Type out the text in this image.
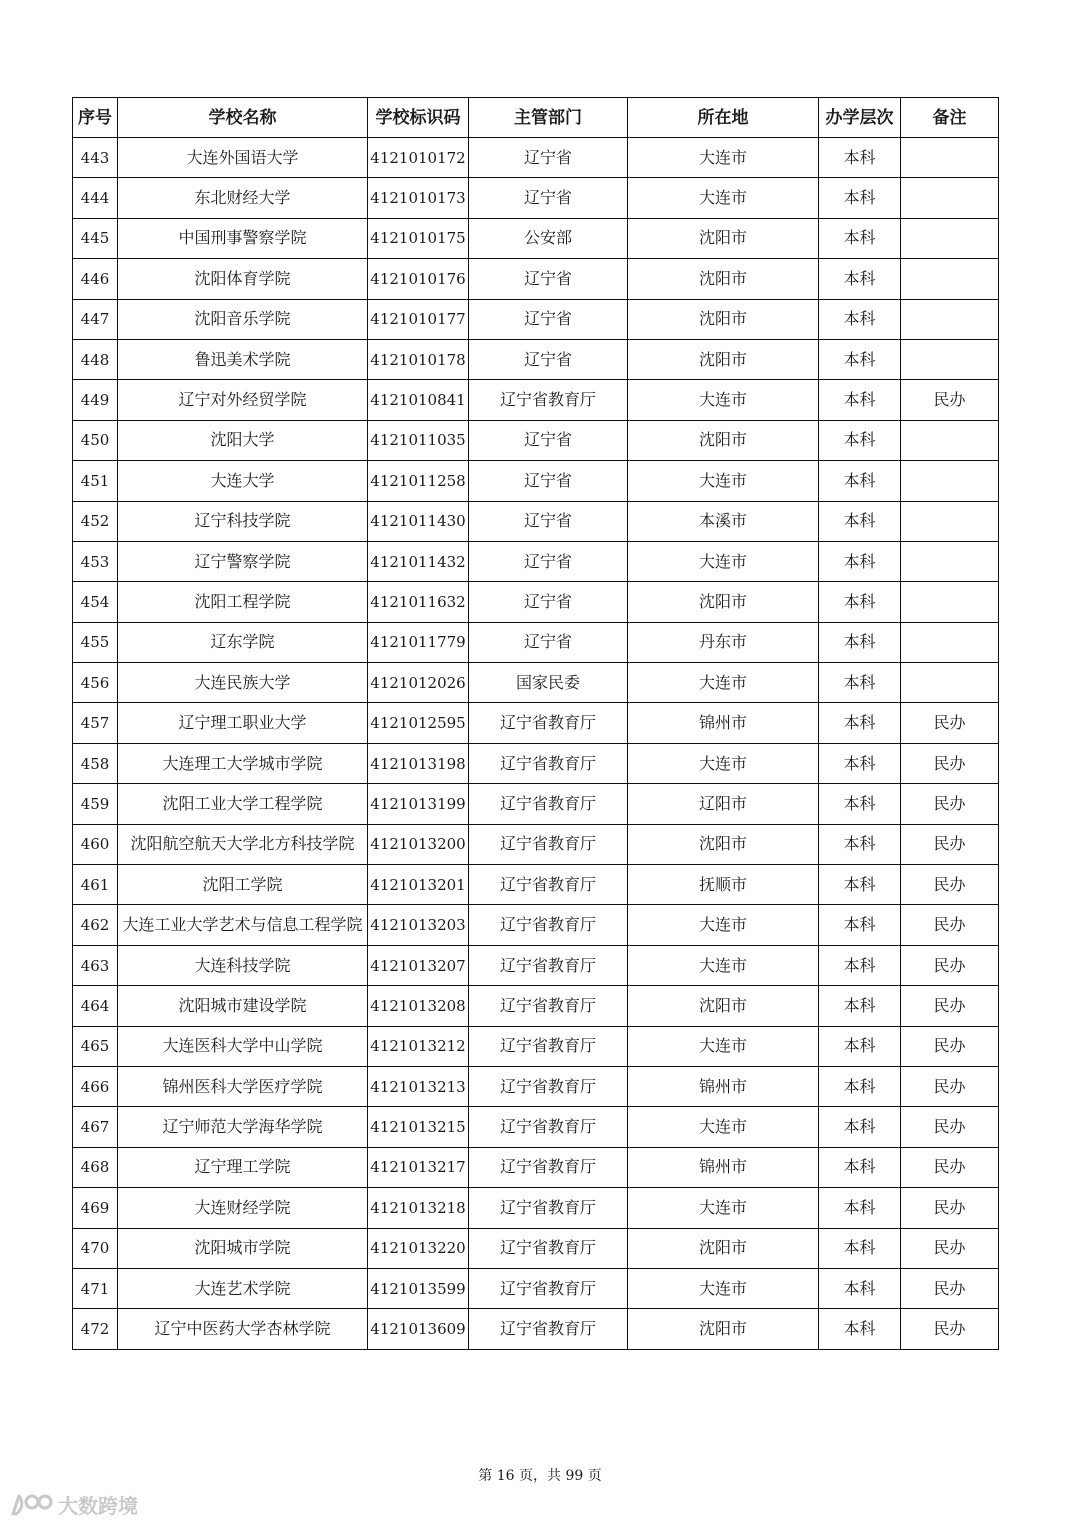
序号	学校名称	学校标识码	主管部门	所在地	办学层次	备注
443	大连外国语大学	4121010172	辽宁省	大连市	本科	
444	东北财经大学	4121010173	辽宁省	大连市	本科	
445	中国刑事警察学院	4121010175	公安部	沈阳市	本科	
446	沈阳体育学院	4121010176	辽宁省	沈阳市	本科	
447	沈阳音乐学院	4121010177	辽宁省	沈阳市	本科	
448	鲁迅美术学院	4121010178	辽宁省	沈阳市	本科	
449	辽宁对外经贸学院	4121010841	辽宁省教育厅	大连市	本科	民办
450	沈阳大学	4121011035	辽宁省	沈阳市	本科	
451	大连大学	4121011258	辽宁省	大连市	本科	
452	辽宁科技学院	4121011430	辽宁省	本溪市	本科	
453	辽宁警察学院	4121011432	辽宁省	大连市	本科	
454	沈阳工程学院	4121011632	辽宁省	沈阳市	本科	
455	辽东学院	4121011779	辽宁省	丹东市	本科	
456	大连民族大学	4121012026	国家民委	大连市	本科	
457	辽宁理工职业大学	4121012595	辽宁省教育厅	锦州市	本科	民办
458	大连理工大学城市学院	4121013198	辽宁省教育厅	大连市	本科	民办
459	沈阳工业大学工程学院	4121013199	辽宁省教育厅	辽阳市	本科	民办
460	沈阳航空航天大学北方科技学院	4121013200	辽宁省教育厅	沈阳市	本科	民办
461	沈阳工学院	4121013201	辽宁省教育厅	抚顺市	本科	民办
462	大连工业大学艺术与信息工程学院	4121013203	辽宁省教育厅	大连市	本科	民办
463	大连科技学院	4121013207	辽宁省教育厅	大连市	本科	民办
464	沈阳城市建设学院	4121013208	辽宁省教育厅	沈阳市	本科	民办
465	大连医科大学中山学院	4121013212	辽宁省教育厅	大连市	本科	民办
466	锦州医科大学医疗学院	4121013213	辽宁省教育厅	锦州市	本科	民办
467	辽宁师范大学海华学院	4121013215	辽宁省教育厅	大连市	本科	民办
468	辽宁理工学院	4121013217	辽宁省教育厅	锦州市	本科	民办
469	大连财经学院	4121013218	辽宁省教育厅	大连市	本科	民办
470	沈阳城市学院	4121013220	辽宁省教育厅	沈阳市	本科	民办
471	大连艺术学院	4121013599	辽宁省教育厅	大连市	本科	民办
472	辽宁中医药大学杏林学院	4121013609	辽宁省教育厅	沈阳市	本科	民办
第 16 页，共 99 页
大数跨境
